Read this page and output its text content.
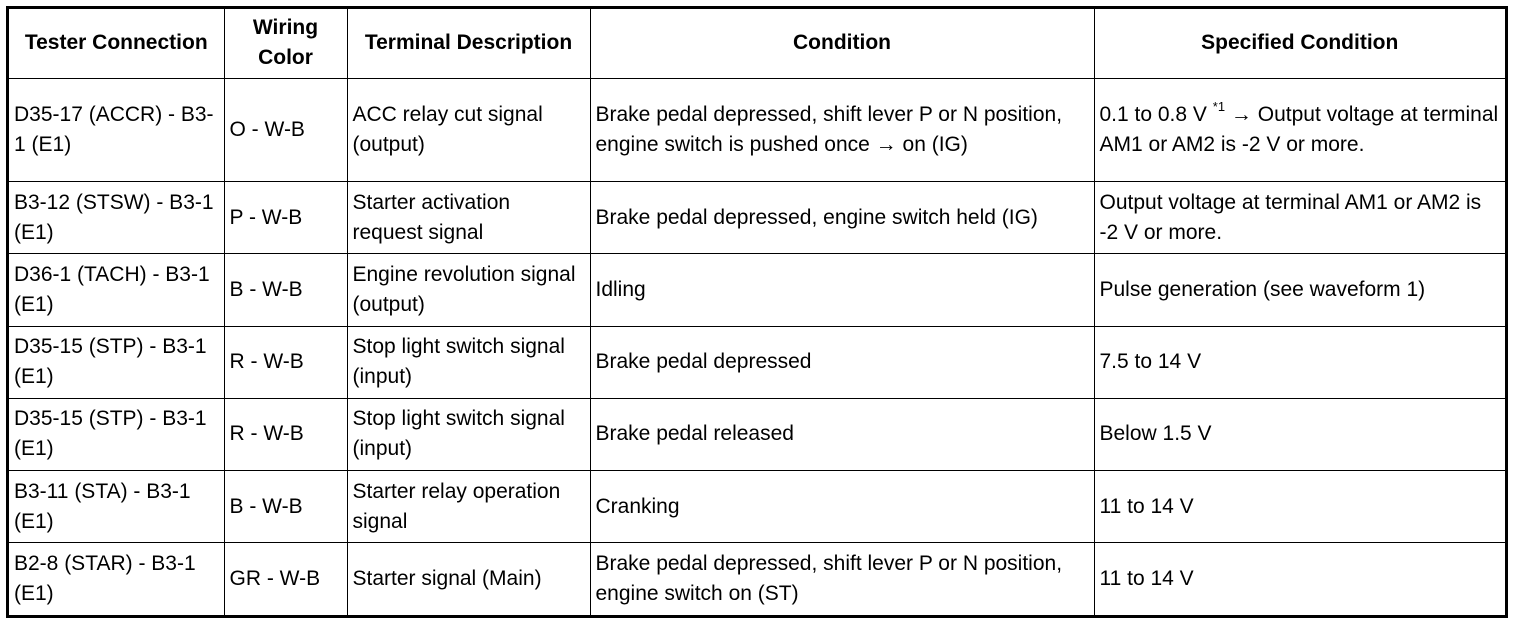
Tester Connection	Wiring Color	Terminal Description	Condition	Specified Condition
D35-17 (ACCR) - B3-1 (E1)	O - W-B	ACC relay cut signal (output)	Brake pedal depressed, shift lever P or N position, engine switch is pushed once → on (IG)	0.1 to 0.8 V $^{*1}$ → Output voltage at terminal AM1 or AM2 is -2 V or more.
B3-12 (STSW) - B3-1 (E1)	P - W-B	Starter activation request signal	Brake pedal depressed, engine switch held (IG)	Output voltage at terminal AM1 or AM2 is -2 V or more.
D36-1 (TACH) - B3-1 (E1)	B - W-B	Engine revolution signal (output)	Idling	Pulse generation (see waveform 1)
D35-15 (STP) - B3-1 (E1)	R - W-B	Stop light switch signal (input)	Brake pedal depressed	7.5 to 14 V
D35-15 (STP) - B3-1 (E1)	R - W-B	Stop light switch signal (input)	Brake pedal released	Below 1.5 V
B3-11 (STA) - B3-1 (E1)	B - W-B	Starter relay operation signal	Cranking	11 to 14 V
B2-8 (STAR) - B3-1 (E1)	GR - W-B	Starter signal (Main)	Brake pedal depressed, shift lever P or N position, engine switch on (ST)	11 to 14 V
